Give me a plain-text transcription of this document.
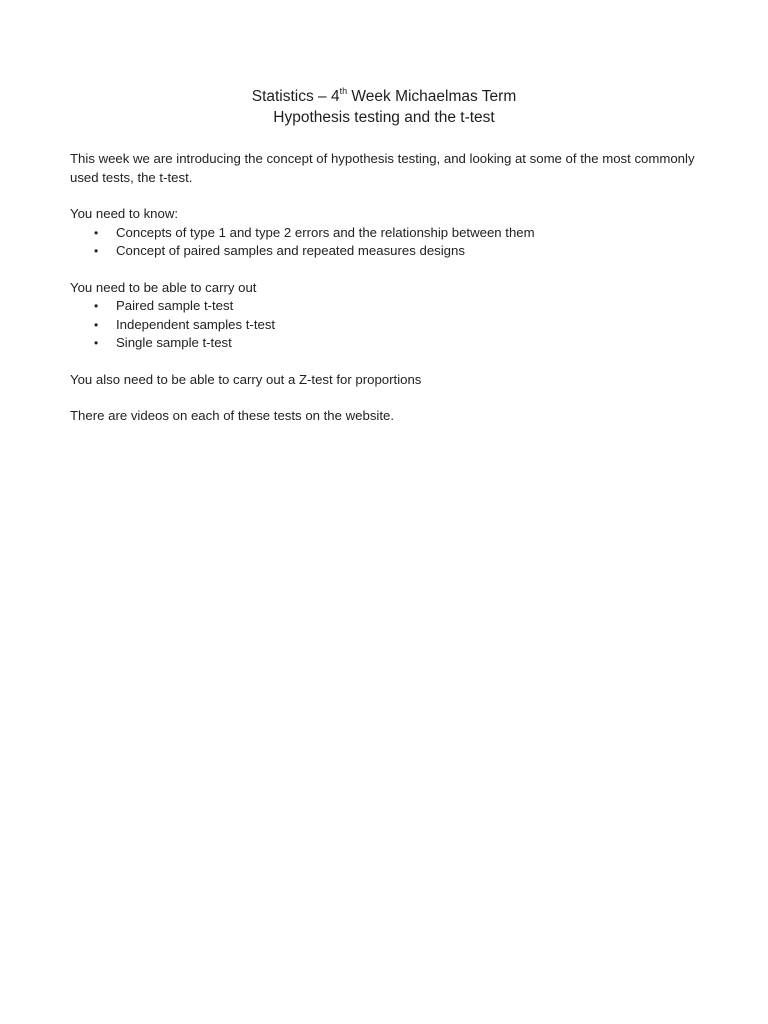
Statistics – 4th Week Michaelmas Term
Hypothesis testing and the t-test

This week we are introducing the concept of hypothesis testing, and looking at some of the most commonly used tests, the t-test.

You need to know:

• Concepts of type 1 and type 2 errors and the relationship between them
• Concept of paired samples and repeated measures designs

You need to be able to carry out

• Paired sample t-test
• Independent samples t-test
• Single sample t-test

You also need to be able to carry out a Z-test for proportions

There are videos on each of these tests on the website.
